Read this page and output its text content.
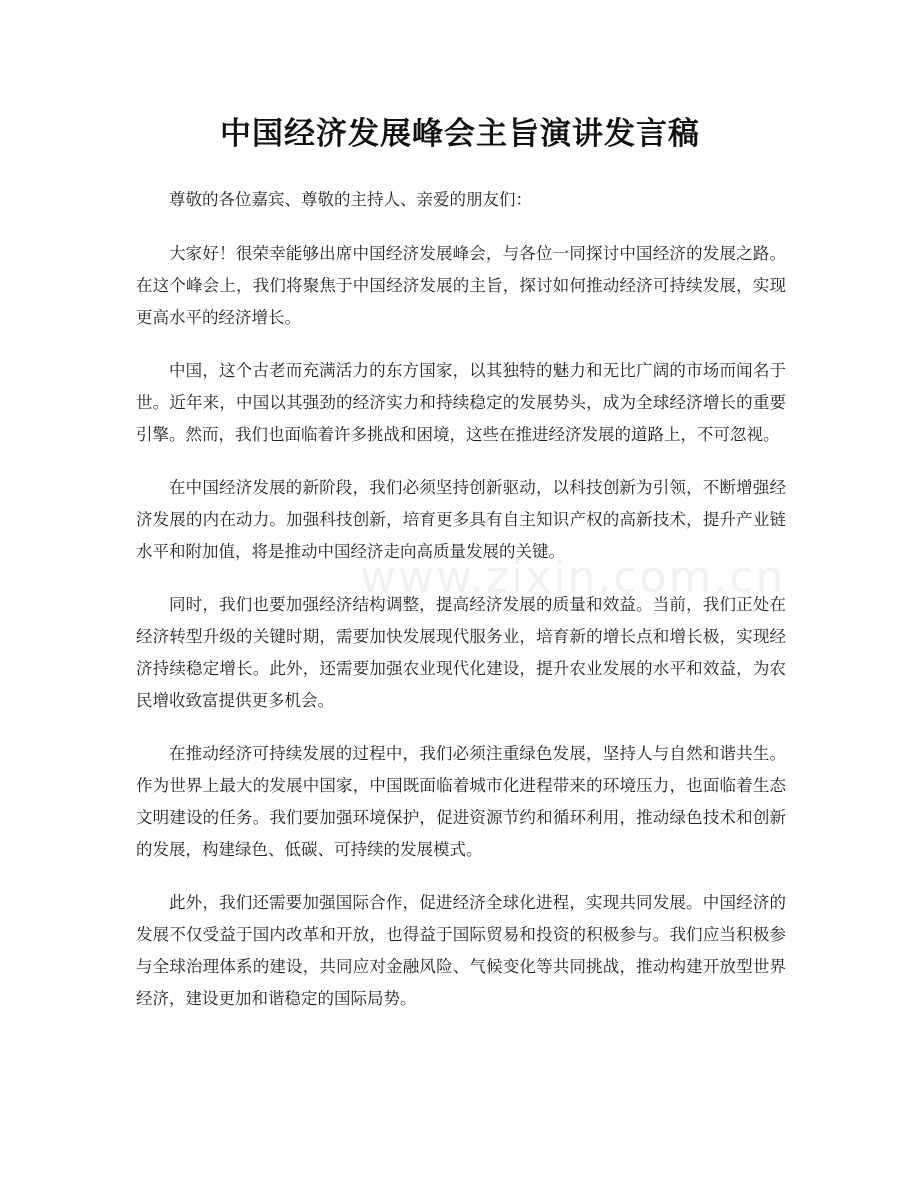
www.zixin.com.cn
中国经济发展峰会主旨演讲发言稿

尊敬的各位嘉宾、尊敬的主持人、亲爱的朋友们：

大家好！很荣幸能够出席中国经济发展峰会，与各位一同探讨中国经济的发展之路。在这个峰会上，我们将聚焦于中国经济发展的主旨，探讨如何推动经济可持续发展，实现更高水平的经济增长。

中国，这个古老而充满活力的东方国家，以其独特的魅力和无比广阔的市场而闻名于世。近年来，中国以其强劲的经济实力和持续稳定的发展势头，成为全球经济增长的重要引擎。然而，我们也面临着许多挑战和困境，这些在推进经济发展的道路上，不可忽视。

在中国经济发展的新阶段，我们必须坚持创新驱动，以科技创新为引领，不断增强经济发展的内在动力。加强科技创新，培育更多具有自主知识产权的高新技术，提升产业链水平和附加值，将是推动中国经济走向高质量发展的关键。

同时，我们也要加强经济结构调整，提高经济发展的质量和效益。当前，我们正处在经济转型升级的关键时期，需要加快发展现代服务业，培育新的增长点和增长极，实现经济持续稳定增长。此外，还需要加强农业现代化建设，提升农业发展的水平和效益，为农民增收致富提供更多机会。

在推动经济可持续发展的过程中，我们必须注重绿色发展，坚持人与自然和谐共生。作为世界上最大的发展中国家，中国既面临着城市化进程带来的环境压力，也面临着生态文明建设的任务。我们要加强环境保护，促进资源节约和循环利用，推动绿色技术和创新的发展，构建绿色、低碳、可持续的发展模式。

此外，我们还需要加强国际合作，促进经济全球化进程，实现共同发展。中国经济的发展不仅受益于国内改革和开放，也得益于国际贸易和投资的积极参与。我们应当积极参与全球治理体系的建设，共同应对金融风险、气候变化等共同挑战，推动构建开放型世界经济，建设更加和谐稳定的国际局势。
